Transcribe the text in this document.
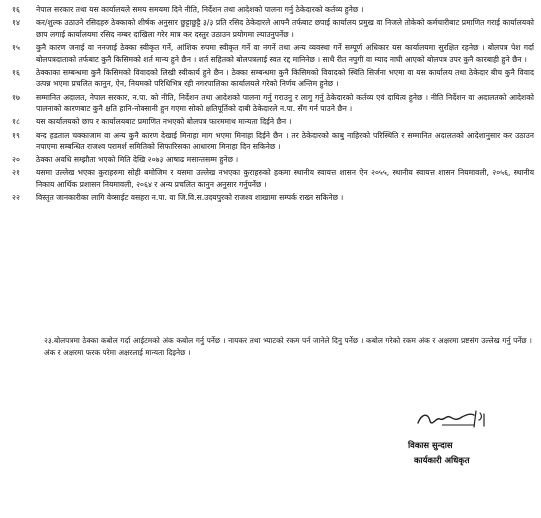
१६	नेपाल सरकार तथा यस कार्यालयले समय समयमा दिने नीति, निर्देशन तथा आदेशको पालना गर्नु ठेकेदारको कर्तव्य हुनेछ ।
१४	कर/शुल्क उठाउने रसिदहरु ठेक्काको शीर्षक अनुसार छुट्टाछुट्टै ३/३ प्रति रसिद ठेकेदारले आफ्नै तर्फबाट छपाई कार्यालय प्रमुख वा निजले तोकेको कर्मचारीबाट प्रमाणित गराई कार्यालयको छाप लगाई कार्यालयमा रसिद नम्बर दाखिला गरेर मात्र कर दस्तुर उठाउन प्रयोगमा ल्याउनुपर्नेछ ।
१५	कुनै कारण जनाई वा ननजाई ठेक्का स्वीकृत गर्ने, आंशिक रुपमा स्वीकृत गर्ने वा नगर्ने तथा अन्य व्यवस्था गर्ने सम्पूर्ण अधिकार यस कार्यालयमा सुरक्षित रहनेछ । बोलपत्र पेश गर्दा बोलपत्रदाताको तर्फबाट कुनै किसिमको शर्त मान्य हुने छैन । शर्त सहितको बोलपत्रलाई स्वत रद्द मानिनेछ । साथै रीत नपुगी वा म्याद नाघी आएको बोलपत्र उपर कुनै कारबाही हुने छैन ।
१६	ठेक्काका सम्बन्धमा कुनै किसिमको विवादको लिखी स्वीकार्य हुने छैन । ठेक्का सम्बन्धमा कुनै किसिमको विवादको स्थिति सिर्जना भएमा वा यस कार्यालय तथा ठेकेदार बीच कुनै विवाद उत्पन्न भएमा प्रचलित कानुन, ऐन, नियमको परिधिभित्र रही नगरपालिका कार्यालयले गरेको निर्णय अन्तिम हुनेछ ।
१७	सम्मानित अदालत, नेपाल सरकार, न.पा. को नीति, निर्देशन तथा आदेशको पालना गर्नु गराउनु र लागु गर्नु ठेकेदारको कर्तव्य एवं दायित्व हुनेछ । नीति निर्देशन वा अदालतको आदेशको पालनाको कारणबाट कुनै क्षति हानि-नोक्सानी हुन गएमा सोको क्षतिपूर्तिको दाबी ठेकेदारले न.पा. सँग गर्न पाउने छैन ।
१८	यस कार्यालयको छाप र कार्यालयबाट प्रमाणित नभएको बोलपत्र फारममाथ मान्यता दिईने छैन ।
१९	बन्द हडताल चक्काजाम वा अन्य कुनै कारण देखाई मिनाहा माग भएमा मिनाहा दिईने छैन । तर ठेकेदारको काबु नाहिरको परिस्थिति र सम्मानित अदालतको आदेशानुसार कर उठाउन नपाएमा सम्बन्धित राजश्व परामर्श समितिको सिफारिसका आधारमा मिनाहा दिन सकिनेछ ।
२०	ठेक्का अवधि सम्झौता भएको मिति देखि २०७३ आषाढ मसान्तसम्म हुनेछ ।
२१	यसमा उल्लेख भएका कुराहरुमा सोही बमोजिम र यसमा उल्लेख नभएका कुराहरुको हकमा स्थानीय स्वायत्त शासन ऐन २०५५, स्थानीय स्वायत्त शासन नियमावली, २०५६, स्थानीय निकाय आर्थिक प्रशासन नियमावली, २०६४ र अन्य प्रचलित कानुन अनुसार गर्नुपर्नेछ ।
२२	विस्तृत जानकारीका लागि वेव्साईट वसहरा न.पा. वा जि.वि.स.उदयपुरको राजश्व शाखामा सम्पर्क राख्न सकिनेछ ।
२३.बोलपत्रमा ठेक्का कबोल गर्दा आईटमको अंक कबोल गर्नु पर्नेछ । नायकर तथा भ्याटको रकम पर्न जानेले दिनु पर्नेछ । कबोल गरेको रकम अंक र अक्षरमा प्रष्टसंग उल्लेख गर्नु पर्नेछ । अंक र अक्षरमा फरक परेमा अक्षरलाई मान्यता दिइनेछ ।
विकास सुन्दास
कार्यकारी अधिकृत
